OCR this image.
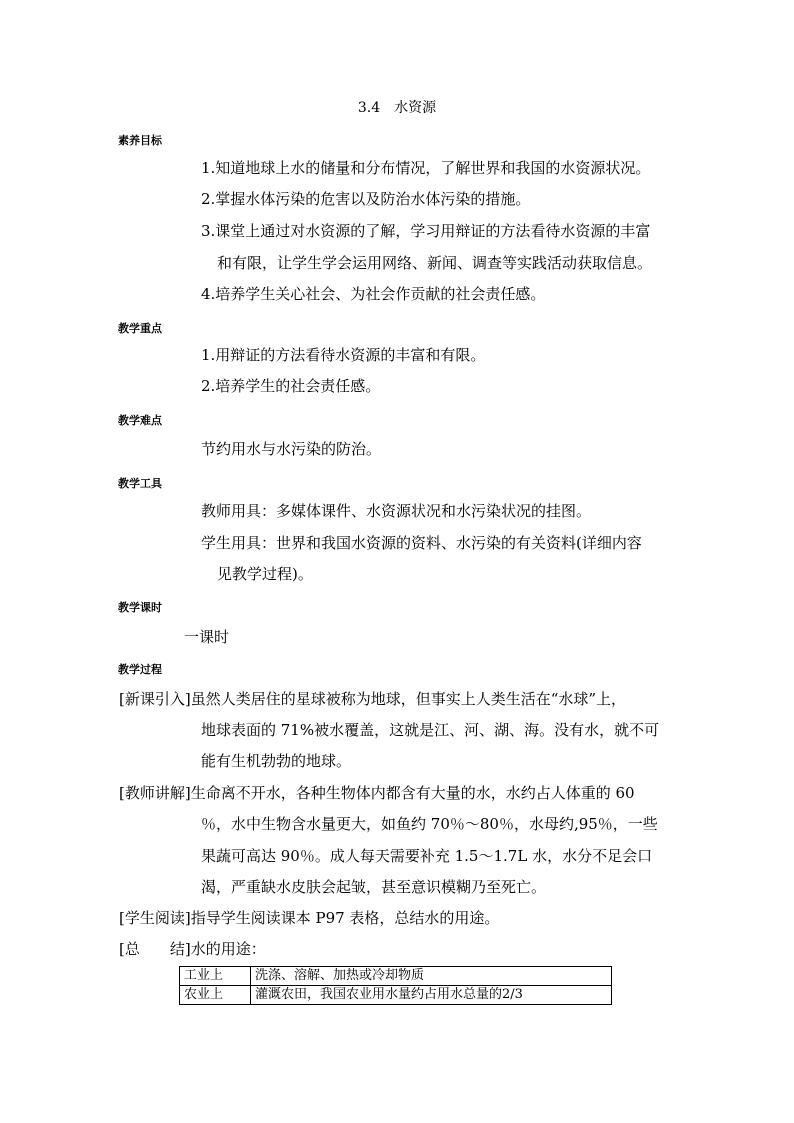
3.4　水资源
素养目标
1.知道地球上水的储量和分布情况，了解世界和我国的水资源状况。
2.掌握水体污染的危害以及防治水体污染的措施。
3.课堂上通过对水资源的了解，学习用辩证的方法看待水资源的丰富
和有限，让学生学会运用网络、新闻、调查等实践活动获取信息。
4.培养学生关心社会、为社会作贡献的社会责任感。
教学重点
1.用辩证的方法看待水资源的丰富和有限。
2.培养学生的社会责任感。
教学难点
节约用水与水污染的防治。
教学工具
教师用具：多媒体课件、水资源状况和水污染状况的挂图。
学生用具：世界和我国水资源的资料、水污染的有关资料(详细内容
见教学过程)。
教学课时
一课时
教学过程
[新课引入]虽然人类居住的星球被称为地球，但事实上人类生活在“水球”上，
地球表面的 71%被水覆盖，这就是江、河、湖、海。没有水，就不可
能有生机勃勃的地球。
[教师讲解]生命离不开水，各种生物体内都含有大量的水，水约占人体重的 60
％，水中生物含水量更大，如鱼约 70％～80％，水母约,95％，一些
果蔬可高达 90％。成人每天需要补充 1.5～1.7L 水，水分不足会口
渴，严重缺水皮肤会起皱，甚至意识模糊乃至死亡。
[学生阅读]指导学生阅读课本 P97 表格，总结水的用途。
[总　　结]水的用途：
工业上	洗涤、溶解、加热或冷却物质
农业上	灌溉农田，我国农业用水量约占用水总量的2/3
